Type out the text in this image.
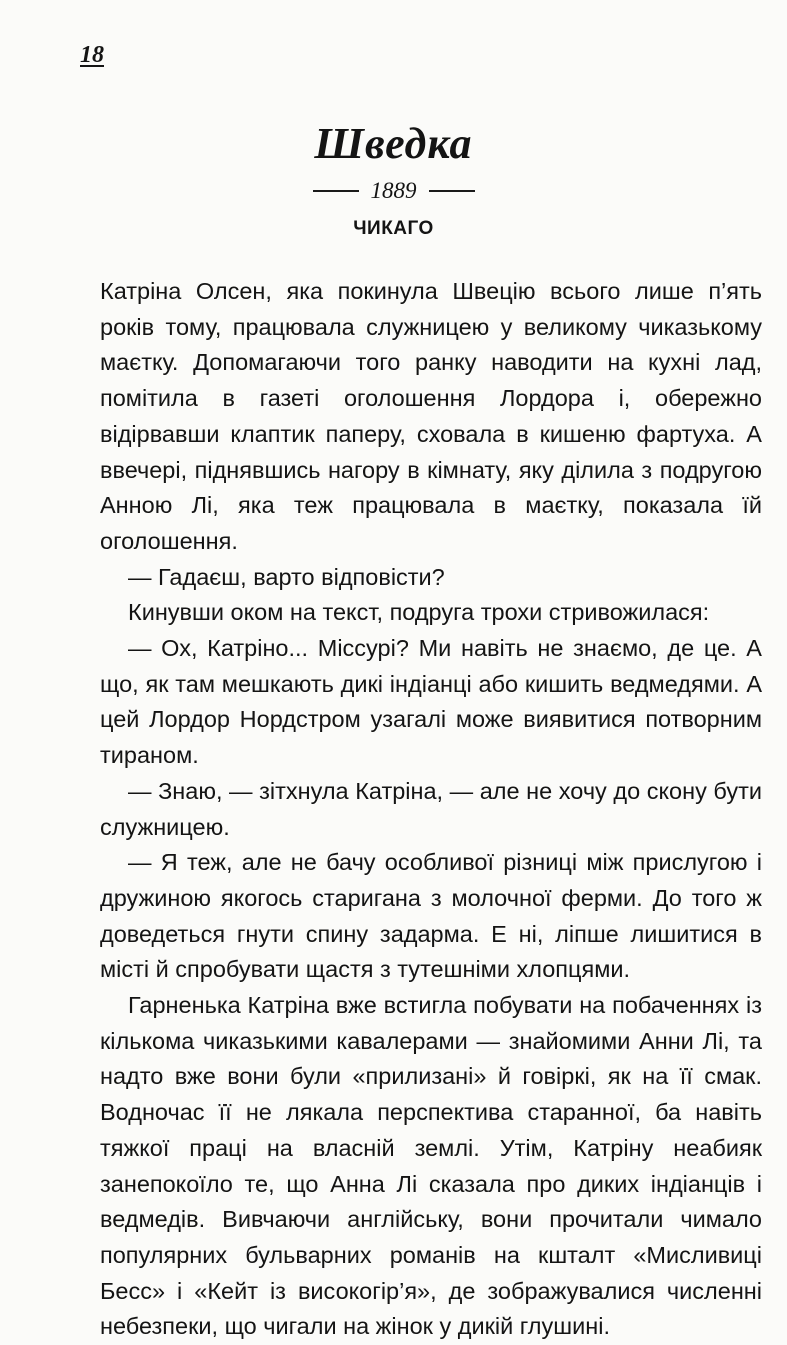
18
Шведка
1889
ЧИКАГО

Катріна Олсен, яка покинула Швецію всього лише п’ять років тому, працювала служницею у великому чиказькому маєтку. Допомагаючи того ранку наводити на кухні лад, помітила в газеті оголошення Лордора і, обережно відірвавши клаптик паперу, сховала в кишеню фартуха. А ввечері, піднявшись нагору в кімнату, яку ділила з подругою Анною Лі, яка теж працювала в маєтку, показала їй оголошення.

— Гадаєш, варто відповісти?

Кинувши оком на текст, подруга трохи стривожилася:

— Ох, Катріно... Міссурі? Ми навіть не знаємо, де це. А що, як там мешкають дикі індіанці або кишить ведмедями. А цей Лордор Нордстром узагалі може виявитися потворним тираном.

— Знаю, — зітхнула Катріна, — але не хочу до скону бути служницею.

— Я теж, але не бачу особливої різниці між прислугою і дружиною якогось старигана з молочної ферми. До того ж доведеться гнути спину задарма. Е ні, ліпше лишитися в місті й спробувати щастя з тутешніми хлопцями.

Гарненька Катріна вже встигла побувати на побаченнях із кількома чиказькими кавалерами — знайомими Анни Лі, та надто вже вони були «прилизані» й говіркі, як на її смак. Водночас її не лякала перспектива старанної, ба навіть тяжкої праці на власній землі. Утім, Катріну неабияк занепокоїло те, що Анна Лі сказала про диких індіанців і ведмедів. Вивчаючи англійську, вони прочитали чимало популярних бульварних романів на кшталт «Мисливиці Бесс» і «Кейт із високогір’я», де зображувалися численні небезпеки, що чигали на жінок у дикій глушині.
